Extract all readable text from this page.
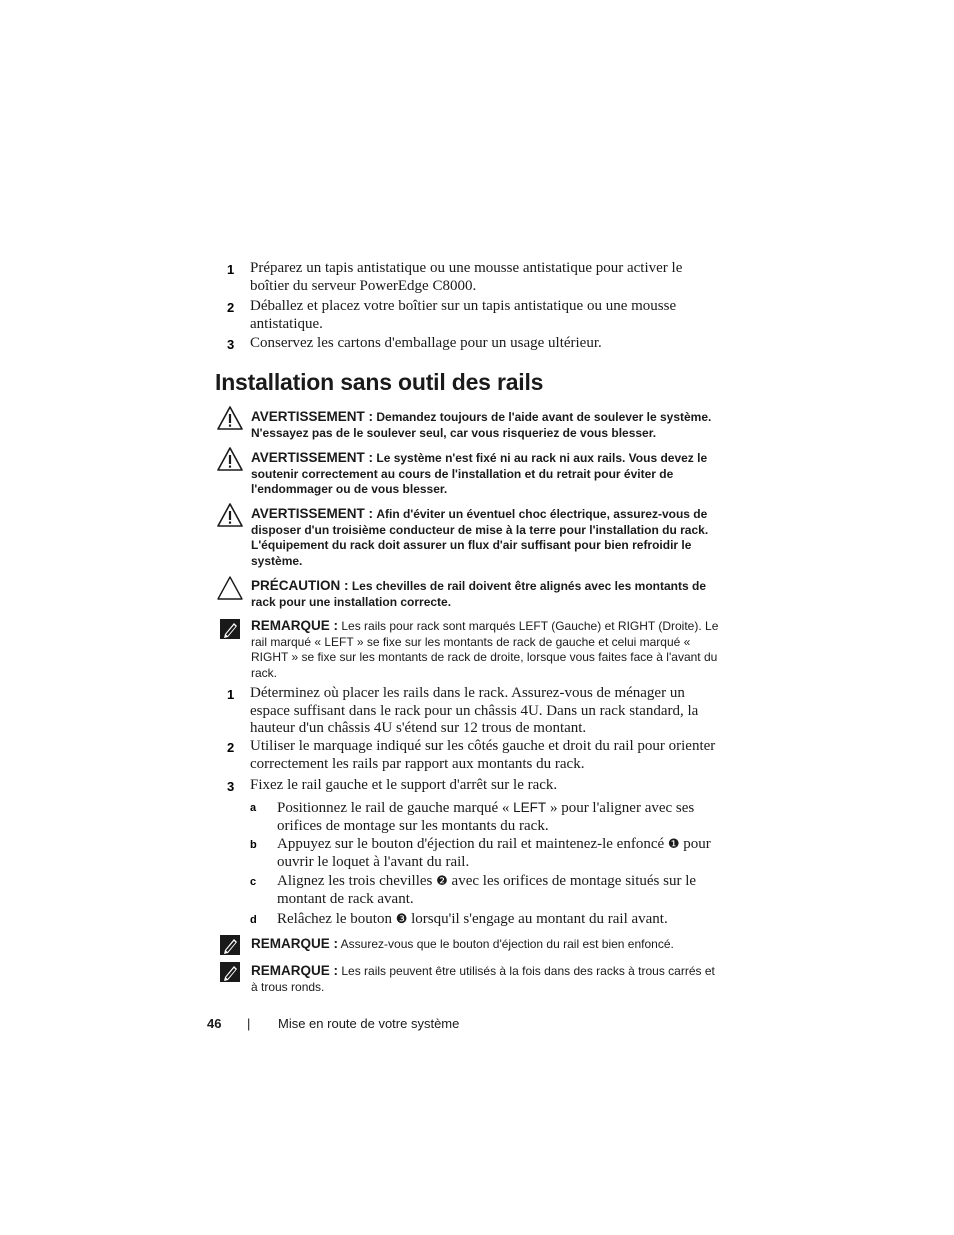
1	Préparez un tapis antistatique ou une mousse antistatique pour activer le boîtier du serveur PowerEdge C8000.
2	Déballez et placez votre boîtier sur un tapis antistatique ou une mousse antistatique.
3	Conservez les cartons d'emballage pour un usage ultérieur.
Installation sans outil des rails
AVERTISSEMENT : Demandez toujours de l'aide avant de soulever le système. N'essayez pas de le soulever seul, car vous risqueriez de vous blesser.
AVERTISSEMENT : Le système n'est fixé ni au rack ni aux rails. Vous devez le soutenir correctement au cours de l'installation et du retrait pour éviter de l'endommager ou de vous blesser.
AVERTISSEMENT : Afin d'éviter un éventuel choc électrique, assurez-vous de disposer d'un troisième conducteur de mise à la terre pour l'installation du rack. L'équipement du rack doit assurer un flux d'air suffisant pour bien refroidir le système.
PRÉCAUTION : Les chevilles de rail doivent être alignés avec les montants de rack pour une installation correcte.
REMARQUE : Les rails pour rack sont marqués LEFT (Gauche) et RIGHT (Droite). Le rail marqué « LEFT » se fixe sur les montants de rack de gauche et celui marqué « RIGHT » se fixe sur les montants de rack de droite, lorsque vous faites face à l'avant du rack.
1	Déterminez où placer les rails dans le rack. Assurez-vous de ménager un espace suffisant dans le rack pour un châssis 4U. Dans un rack standard, la hauteur d'un châssis 4U s'étend sur 12 trous de montant.
2	Utiliser le marquage indiqué sur les côtés gauche et droit du rail pour orienter correctement les rails par rapport aux montants du rack.
3	Fixez le rail gauche et le support d'arrêt sur le rack.
a Positionnez le rail de gauche marqué « LEFT » pour l'aligner avec ses orifices de montage sur les montants du rack.
b Appuyez sur le bouton d'éjection du rail et maintenez-le enfoncé ❶ pour ouvrir le loquet à l'avant du rail.
c Alignez les trois chevilles ❷ avec les orifices de montage situés sur le montant de rack avant.
d Relâchez le bouton ❸ lorsqu'il s'engage au montant du rail avant.
REMARQUE : Assurez-vous que le bouton d'éjection du rail est bien enfoncé.
REMARQUE : Les rails peuvent être utilisés à la fois dans des racks à trous carrés et à trous ronds.
46 | Mise en route de votre système
